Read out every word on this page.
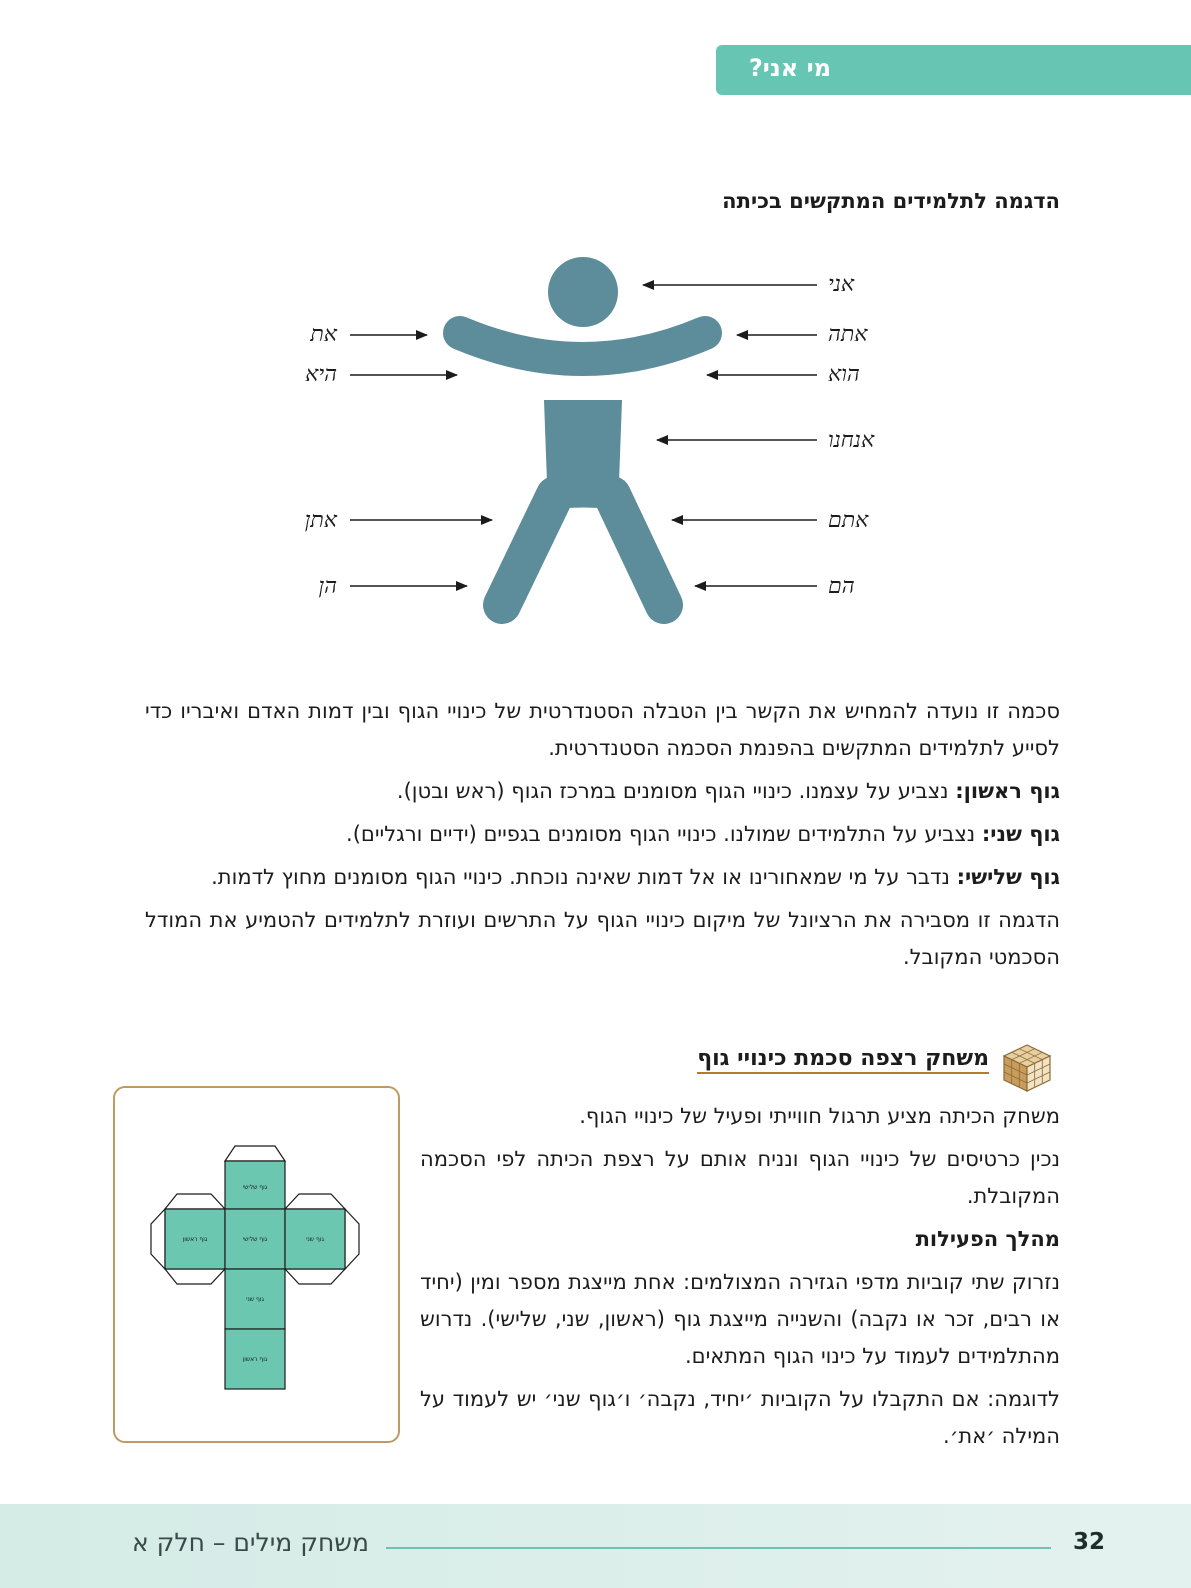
מי אני?
הדגמה לתלמידים המתקשים בכיתה
אני
אתה
הוא
אנחנו
אתם
הם
את
היא
אתן
הן

סכמה זו נועדה להמחיש את הקשר בין הטבלה הסטנדרטית של כינויי הגוף ובין דמות האדם ואיבריו כדי לסייע לתלמידים המתקשים בהפנמת הסכמה הסטנדרטית.

גוף ראשון: נצביע על עצמנו. כינויי הגוף מסומנים במרכז הגוף (ראש ובטן).

גוף שני: נצביע על התלמידים שמולנו. כינויי הגוף מסומנים בגפיים (ידיים ורגליים).

גוף שלישי: נדבר על מי שמאחורינו או אל דמות שאינה נוכחת. כינויי הגוף מסומנים מחוץ לדמות.

הדגמה זו מסבירה את הרציונל של מיקום כינויי הגוף על התרשים ועוזרת לתלמידים להטמיע את המודל הסכמטי המקובל.

משחק רצפה סכמת כינויי גוף

משחק הכיתה מציע תרגול חווייתי ופעיל של כינויי הגוף.

נכין כרטיסים של כינויי הגוף ונניח אותם על רצפת הכיתה לפי הסכמה המקובלת.

מהלך הפעילות

נזרוק שתי קוביות מדפי הגזירה המצולמים: אחת מייצגת מספר ומין (יחיד או רבים, זכר או נקבה) והשנייה מייצגת גוף (ראשון, שני, שלישי). נדרוש מהתלמידים לעמוד על כינוי הגוף המתאים.

לדוגמה: אם התקבלו על הקוביות ׳יחיד, נקבה׳ ו׳גוף שני׳ יש לעמוד על המילה ׳את׳.

גוף שלישי
גוף שלישי
גוף ראשון	גוף שני
גוף שני
גוף ראשון
32
משחק מילים – חלק א
